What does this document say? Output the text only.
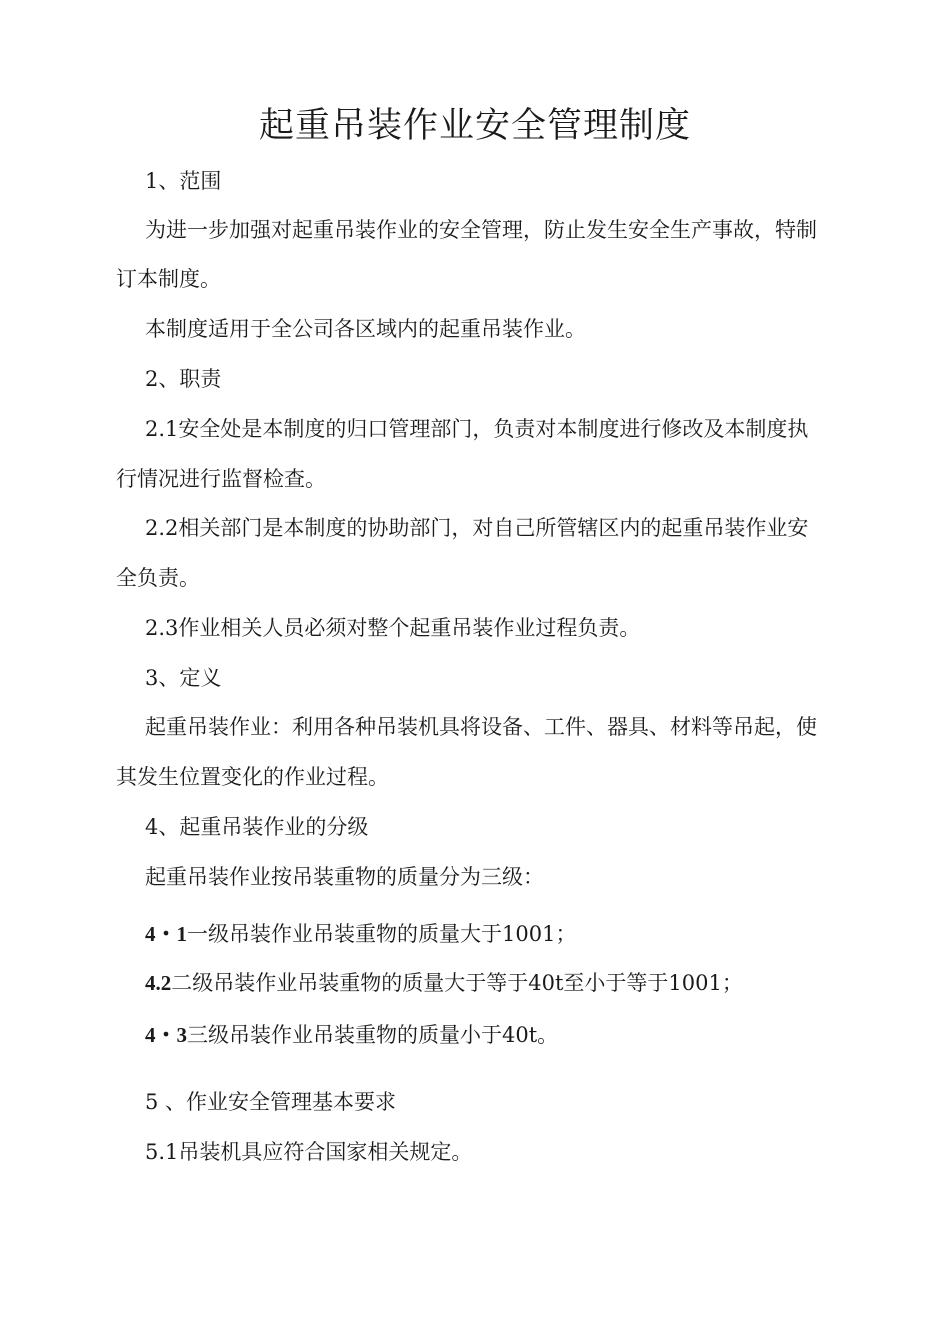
起重吊装作业安全管理制度
1、范围
为进一步加强对起重吊装作业的安全管理，防止发生安全生产事故，特制
订本制度。
本制度适用于全公司各区域内的起重吊装作业。
2、职责
2.1安全处是本制度的归口管理部门，负责对本制度进行修改及本制度执
行情况进行监督检查。
2.2相关部门是本制度的协助部门，对自己所管辖区内的起重吊装作业安
全负责。
2.3作业相关人员必须对整个起重吊装作业过程负责。
3、定义
起重吊装作业：利用各种吊装机具将设备、工件、器具、材料等吊起，使
其发生位置变化的作业过程。
4、起重吊装作业的分级
起重吊装作业按吊装重物的质量分为三级：
4・1一级吊装作业吊装重物的质量大于1001；
4.2二级吊装作业吊装重物的质量大于等于40t至小于等于1001；
4・3三级吊装作业吊装重物的质量小于40t。
5 、作业安全管理基本要求
5.1吊装机具应符合国家相关规定。
